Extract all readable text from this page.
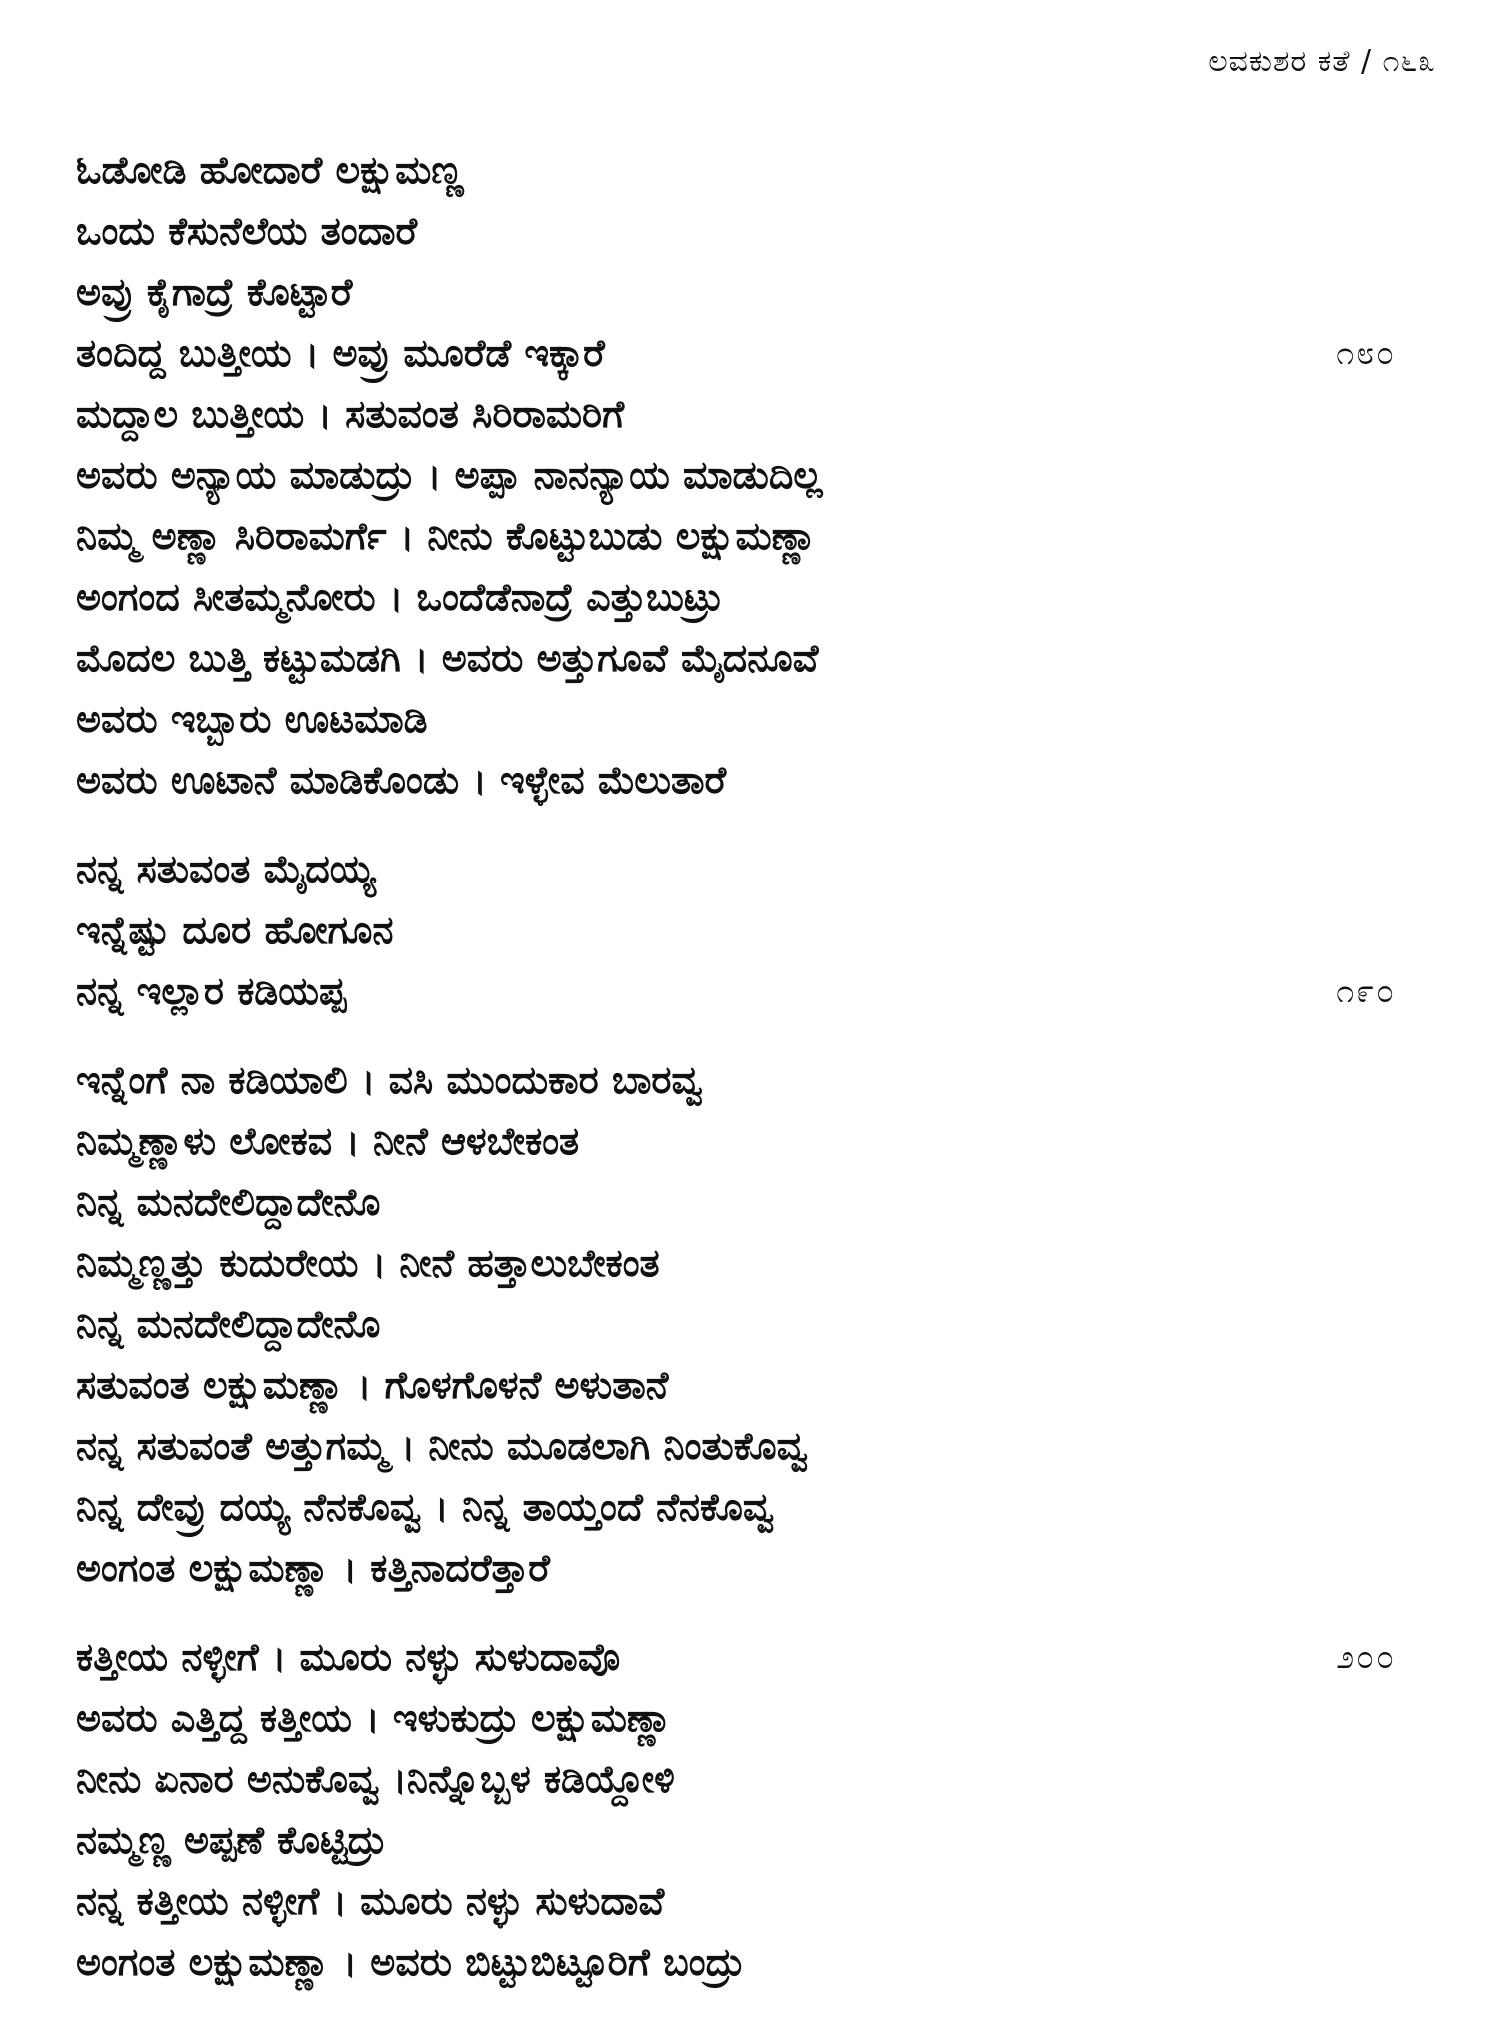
ಲವಕುಶರ ಕತೆ / ೧೬೩
ಓಡೋಡಿ ಹೋದಾರೆ ಲಕ್ಷುಮಣ್ಣ
ಒಂದು ಕೆಸುನೆಲೆಯ ತಂದಾರೆ
ಅವ್ರು ಕೈಗಾದ್ರೆ ಕೊಟ್ಟಾರೆ
ತಂದಿದ್ದ ಬುತ್ತೀಯ । ಅವ್ರು ಮೂರೆಡೆ ಇಕ್ಕಾರೆ	೧೮೦
ಮದ್ದಾಲ ಬುತ್ತೀಯ । ಸತುವಂತ ಸಿರಿರಾಮರಿಗೆ
ಅವರು ಅನ್ಯಾಯ ಮಾಡುದ್ರು । ಅಪ್ಪಾ ನಾನನ್ಯಾಯ ಮಾಡುದಿಲ್ಲ
ನಿಮ್ಮ ಅಣ್ಣಾ ಸಿರಿರಾಮರ್ಗೆ । ನೀನು ಕೊಟ್ಟುಬುಡು ಲಕ್ಷುಮಣ್ಣಾ
ಅಂಗಂದ ಸೀತಮ್ಮನೋರು । ಒಂದೆಡೆನಾದ್ರೆ ಎತ್ತುಬುಟ್ರು
ಮೊದಲ ಬುತ್ತಿ ಕಟ್ಟುಮಡಗಿ । ಅವರು ಅತ್ತುಗೂವೆ ಮೈದನೂವೆ
ಅವರು ಇಬ್ಬಾರು ಊಟಮಾಡಿ
ಅವರು ಊಟಾನೆ ಮಾಡಿಕೊಂಡು । ಇಳ್ಳೇವ ಮೆಲುತಾರೆ
ನನ್ನ ಸತುವಂತ ಮೈದಯ್ಯ
ಇನ್ನೆಷ್ಟು ದೂರ ಹೋಗೂನ
ನನ್ನ ಇಲ್ಲಾರ ಕಡಿಯಪ್ಪ	೧೯೦
ಇನ್ನೆಂಗೆ ನಾ ಕಡಿಯಾಲಿ । ವಸಿ ಮುಂದುಕಾರ ಬಾರವ್ವ
ನಿಮ್ಮಣ್ಣಾಳು ಲೋಕವ । ನೀನೆ ಆಳಬೇಕಂತ
ನಿನ್ನ ಮನದೇಲಿದ್ದಾದೇನೊ
ನಿಮ್ಮಣ್ಣತ್ತು ಕುದುರೇಯ । ನೀನೆ ಹತ್ತಾಲುಬೇಕಂತ
ನಿನ್ನ ಮನದೇಲಿದ್ದಾದೇನೊ
ಸತುವಂತ ಲಕ್ಷುಮಣ್ಣಾ । ಗೊಳಗೊಳನೆ ಅಳುತಾನೆ
ನನ್ನ ಸತುವಂತೆ ಅತ್ತುಗಮ್ಮ । ನೀನು ಮೂಡಲಾಗಿ ನಿಂತುಕೊವ್ವ
ನಿನ್ನ ದೇವ್ರು ದಯ್ಯ ನೆನಕೊವ್ವ । ನಿನ್ನ ತಾಯ್ತಂದೆ ನೆನಕೊವ್ವ
ಅಂಗಂತ ಲಕ್ಷುಮಣ್ಣಾ । ಕತ್ತಿನಾದರೆತ್ತಾರೆ
ಕತ್ತೀಯ ನಳ್ಳೀಗೆ । ಮೂರು ನಳ್ಳು ಸುಳುದಾವೊ	೨೦೦
ಅವರು ಎತ್ತಿದ್ದ ಕತ್ತೀಯ । ಇಳುಕುದ್ರು ಲಕ್ಷುಮಣ್ಣಾ
ನೀನು ಏನಾರ ಅನುಕೊವ್ವ ।ನಿನ್ನೊಬ್ಬಳ ಕಡಿಯ್ದೋಳಿ
ನಮ್ಮಣ್ಣ ಅಪ್ಪಣೆ ಕೊಟ್ಟಿದ್ರು
ನನ್ನ ಕತ್ತೀಯ ನಳ್ಳೀಗೆ । ಮೂರು ನಳ್ಳು ಸುಳುದಾವೆ
ಅಂಗಂತ ಲಕ್ಷುಮಣ್ಣಾ । ಅವರು ಬಿಟ್ಟುಬಿಟ್ಟೂರಿಗೆ ಬಂದ್ರು
